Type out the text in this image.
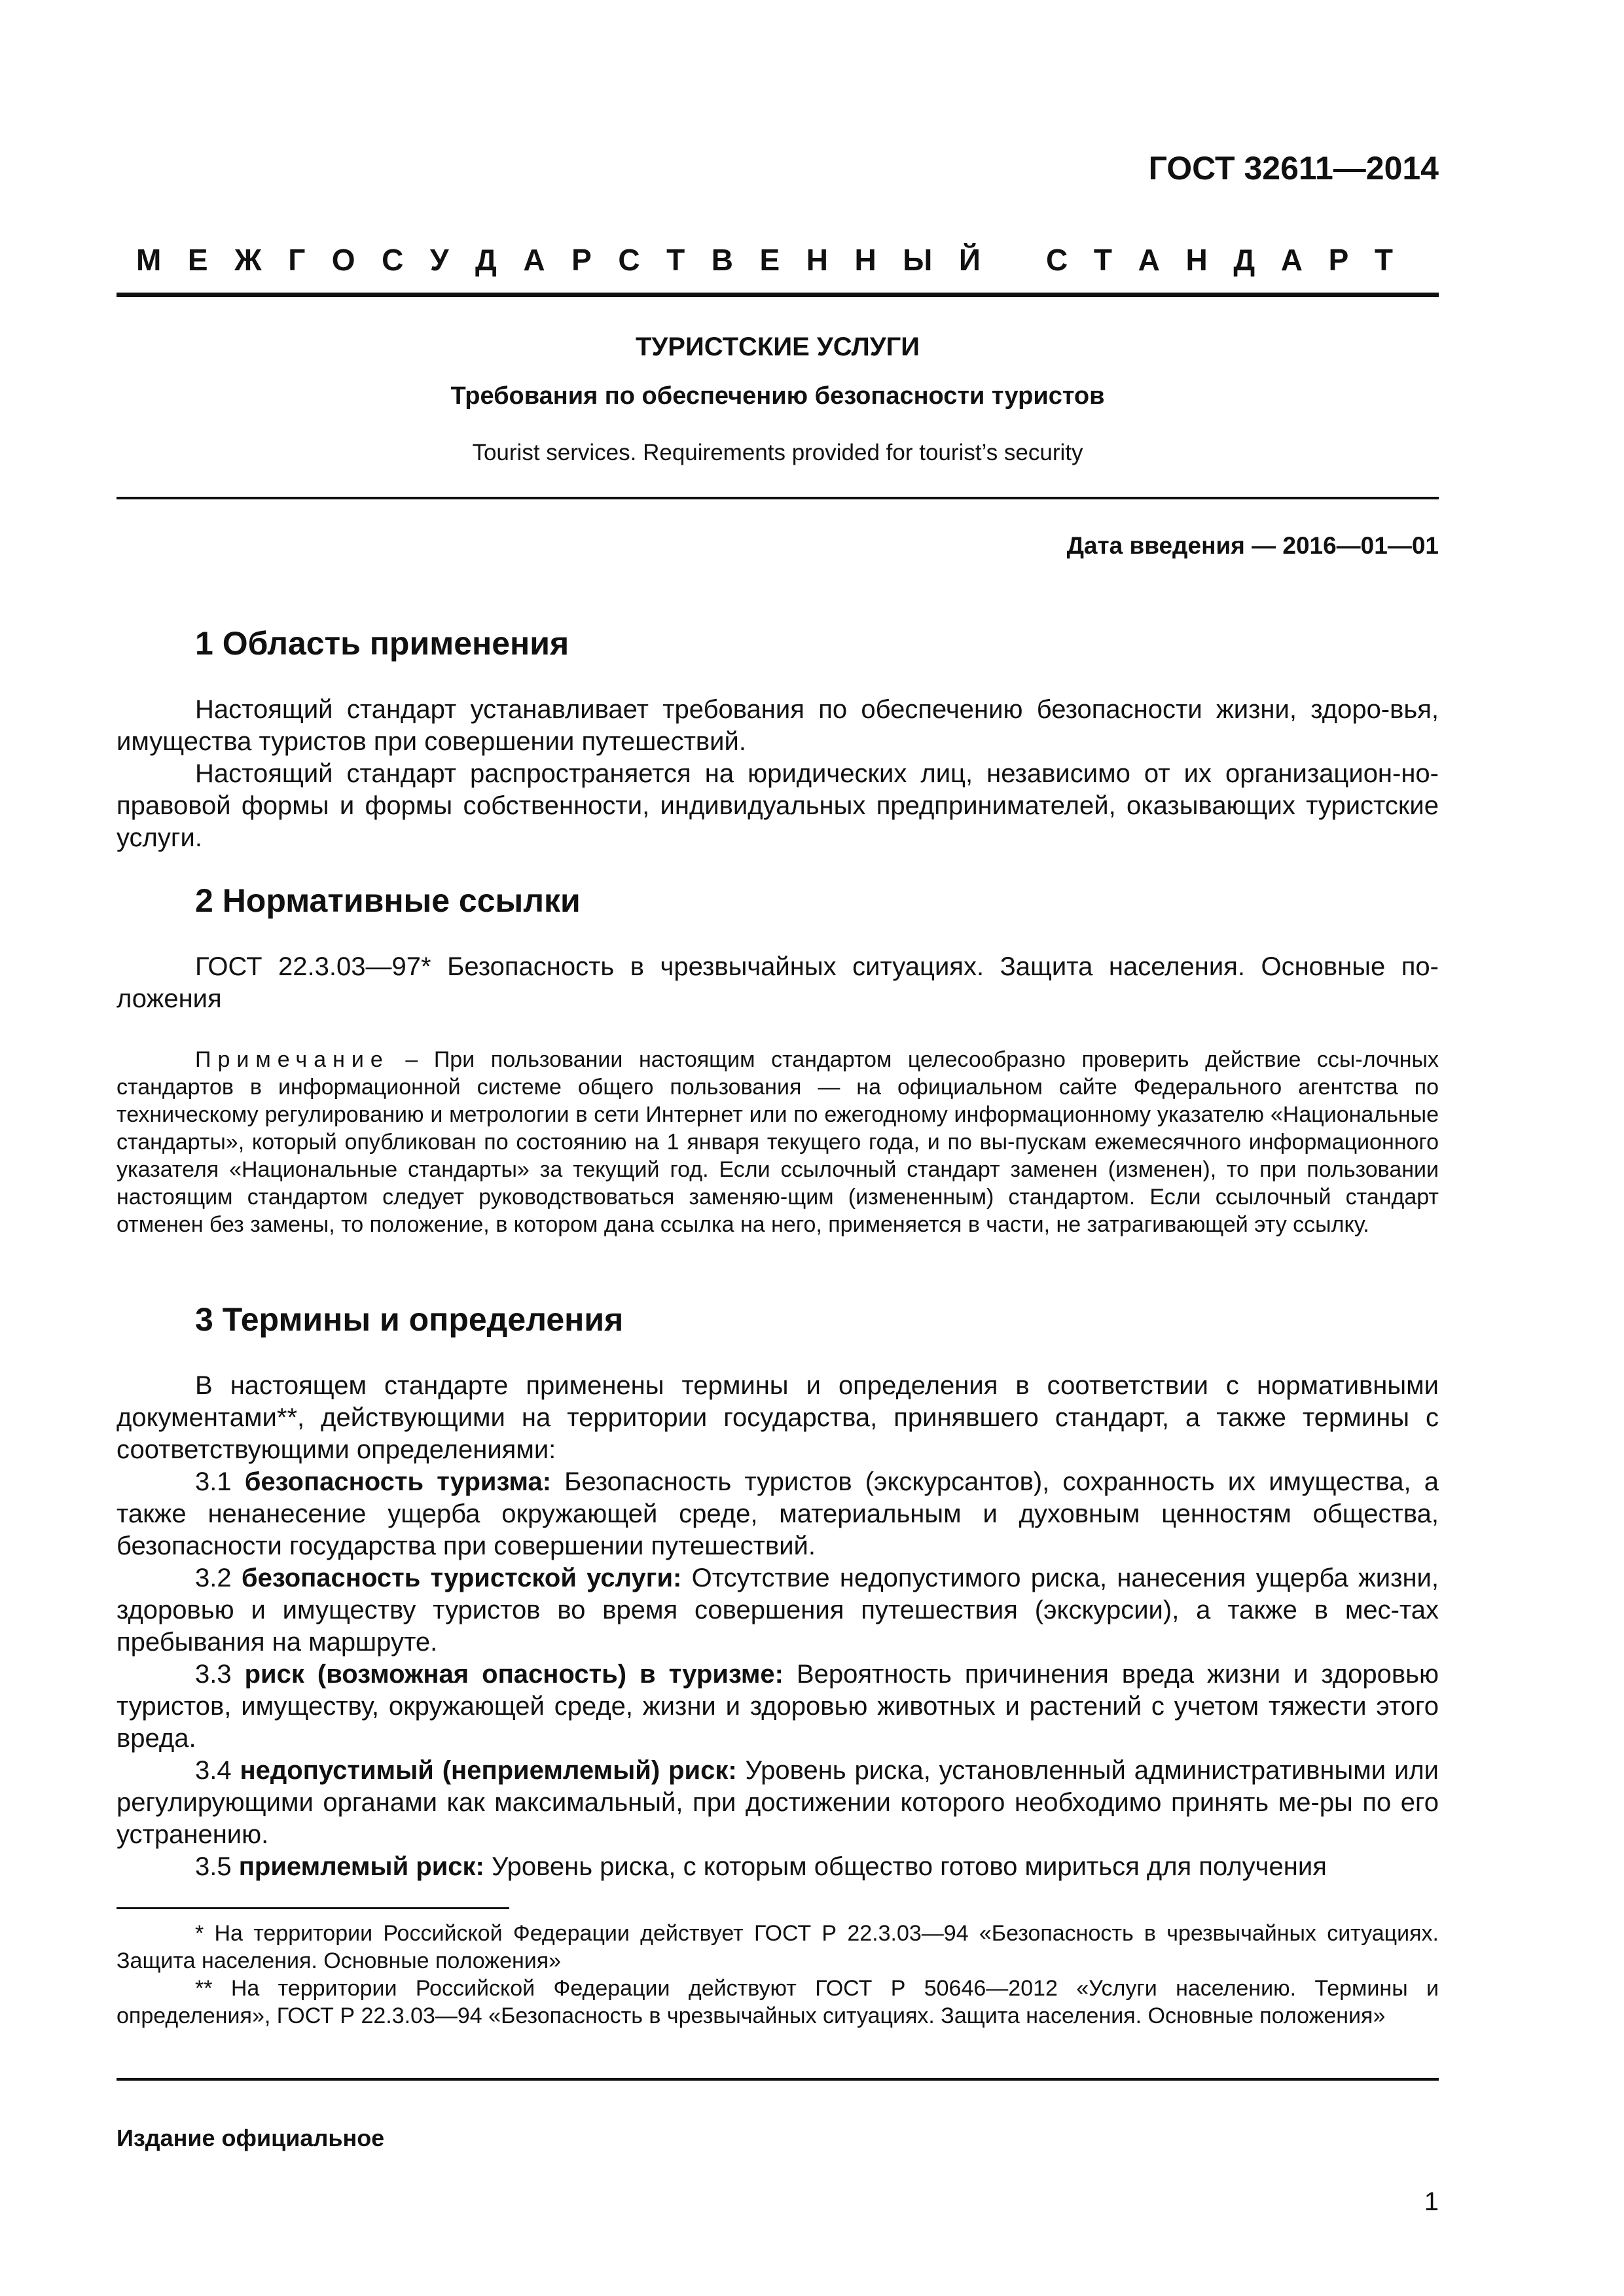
ГОСТ 32611—2014
М Е Ж Г О С У Д А Р С Т В Е Н Н Ы Й С Т А Н Д А Р Т
ТУРИСТСКИЕ УСЛУГИ
Требования по обеспечению безопасности туристов
Tourist services. Requirements provided for tourist’s security
Дата введения — 2016—01—01
1 Область применения

Настоящий стандарт устанавливает требования по обеспечению безопасности жизни, здоро-вья, имущества туристов при совершении путешествий.

Настоящий стандарт распространяется на юридических лиц, независимо от их организацион-но-правовой формы и формы собственности, индивидуальных предпринимателей, оказывающих туристские услуги.

2 Нормативные ссылки

ГОСТ 22.3.03—97* Безопасность в чрезвычайных ситуациях. Защита населения. Основные по-ложения

Примечание – При пользовании настоящим стандартом целесообразно проверить действие ссы-лочных стандартов в информационной системе общего пользования — на официальном сайте Федерального агентства по техническому регулированию и метрологии в сети Интернет или по ежегодному информационному указателю «Национальные стандарты», который опубликован по состоянию на 1 января текущего года, и по вы-пускам ежемесячного информационного указателя «Национальные стандарты» за текущий год. Если ссылочный стандарт заменен (изменен), то при пользовании настоящим стандартом следует руководствоваться заменяю-щим (измененным) стандартом. Если ссылочный стандарт отменен без замены, то положение, в котором дана ссылка на него, применяется в части, не затрагивающей эту ссылку.

3 Термины и определения

В настоящем стандарте применены термины и определения в соответствии с нормативными документами**, действующими на территории государства, принявшего стандарт, а также термины с соответствующими определениями:

3.1 безопасность туризма: Безопасность туристов (экскурсантов), сохранность их имущества, а также ненанесение ущерба окружающей среде, материальным и духовным ценностям общества, безопасности государства при совершении путешествий.

3.2 безопасность туристской услуги: Отсутствие недопустимого риска, нанесения ущерба жизни, здоровью и имуществу туристов во время совершения путешествия (экскурсии), а также в мес-тах пребывания на маршруте.

3.3 риск (возможная опасность) в туризме: Вероятность причинения вреда жизни и здоровью туристов, имуществу, окружающей среде, жизни и здоровью животных и растений с учетом тяжести этого вреда.

3.4 недопустимый (неприемлемый) риск: Уровень риска, установленный административными или регулирующими органами как максимальный, при достижении которого необходимо принять ме-ры по его устранению.

3.5 приемлемый риск: Уровень риска, с которым общество готово мириться для получения

* На территории Российской Федерации действует ГОСТ Р 22.3.03—94 «Безопасность в чрезвычайных ситуациях. Защита населения. Основные положения»

** На территории Российской Федерации действуют ГОСТ Р 50646—2012 «Услуги населению. Термины и определения», ГОСТ Р 22.3.03—94 «Безопасность в чрезвычайных ситуациях. Защита населения. Основные положения»

Издание официальное
1
